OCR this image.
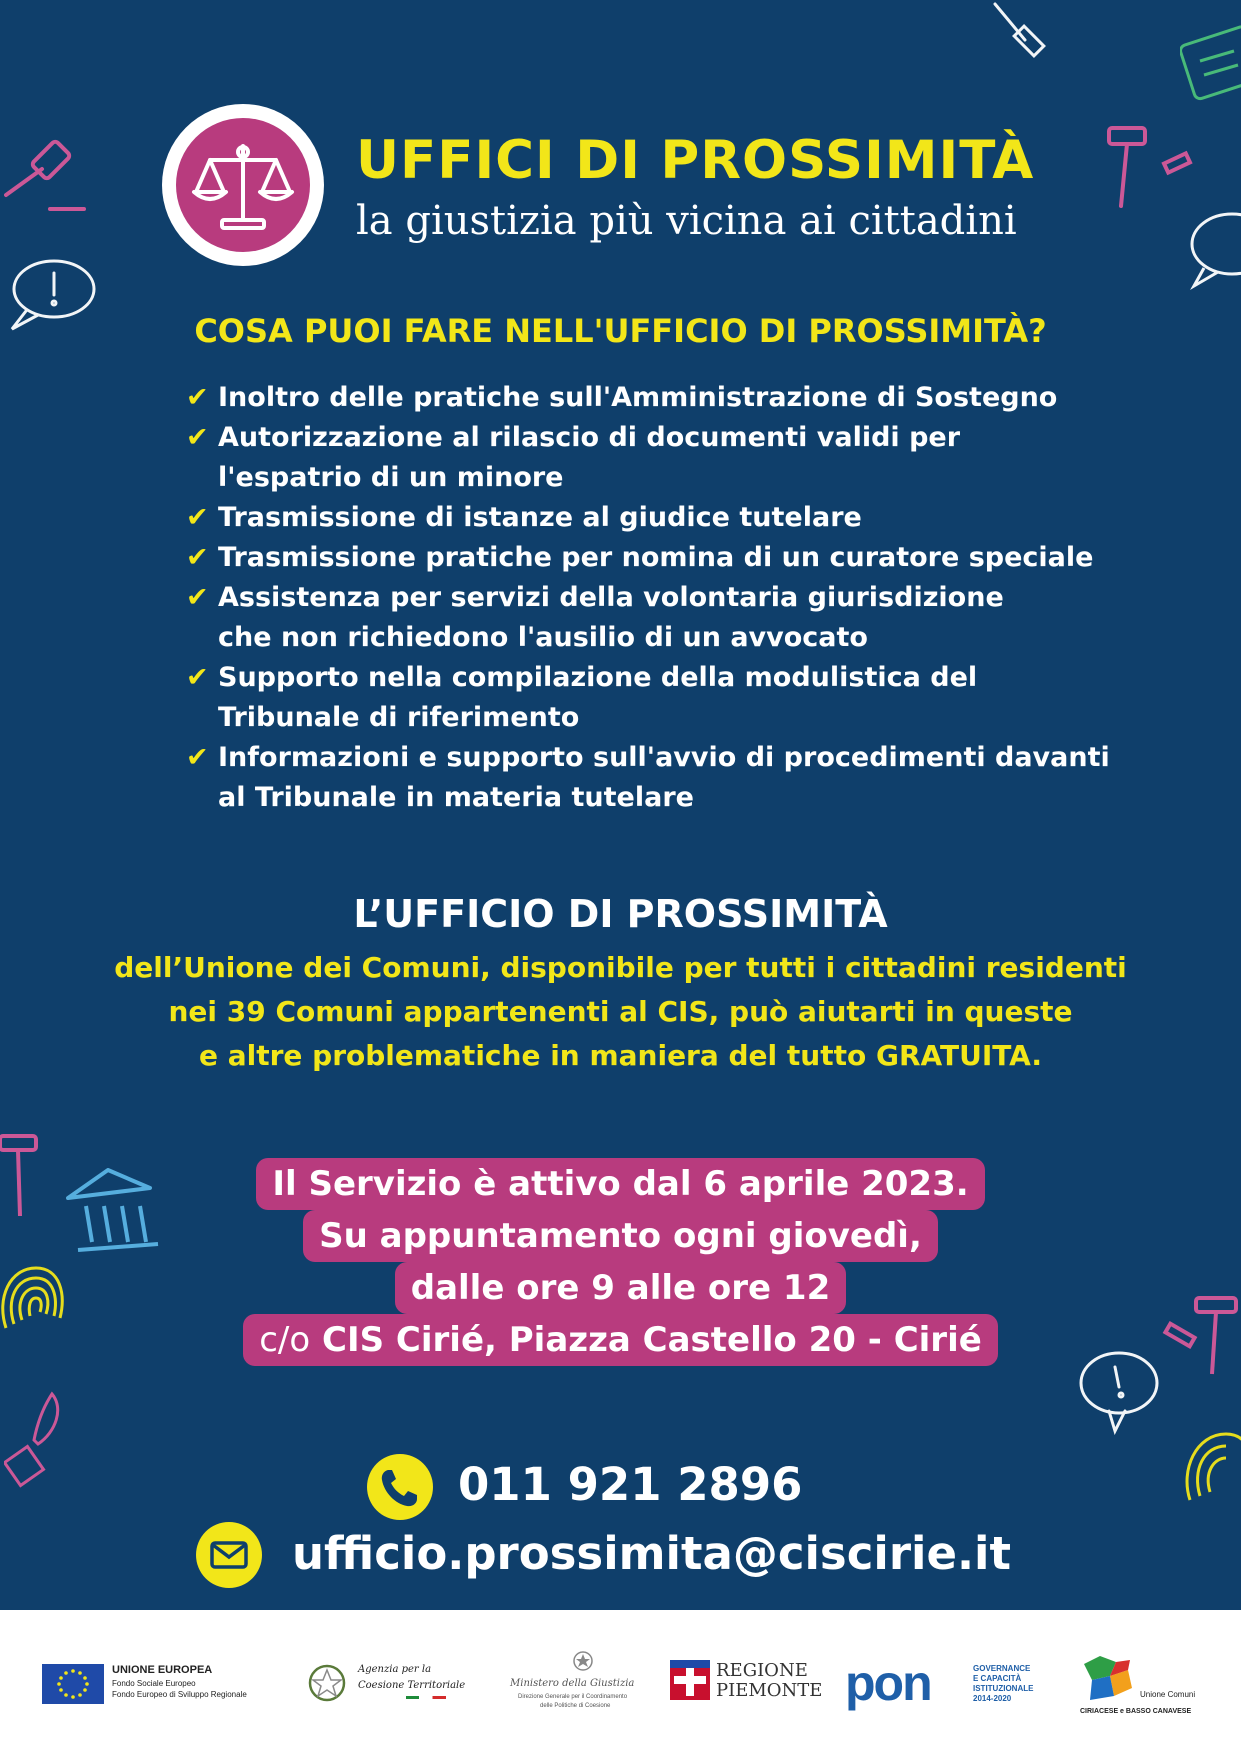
UFFICI DI PROSSIMITÀ
la giustizia più vicina ai cittadini
COSA PUOI FARE NELL'UFFICIO DI PROSSIMITÀ?
✔ Inoltro delle pratiche sull'Amministrazione di Sostegno
✔ Autorizzazione al rilascio di documenti validi per
l'espatrio di un minore
✔ Trasmissione di istanze al giudice tutelare
✔ Trasmissione pratiche per nomina di un curatore speciale
✔ Assistenza per servizi della volontaria giurisdizione
che non richiedono l'ausilio di un avvocato
✔ Supporto nella compilazione della modulistica del
Tribunale di riferimento
✔ Informazioni e supporto sull'avvio di procedimenti davanti
al Tribunale in materia tutelare
L’UFFICIO DI PROSSIMITÀ
dell’Unione dei Comuni, disponibile per tutti i cittadini residenti
nei 39 Comuni appartenenti al CIS, può aiutarti in queste
e altre problematiche in maniera del tutto GRATUITA.
Il Servizio è attivo dal 6 aprile 2023.
Su appuntamento ogni giovedì,
dalle ore 9 alle ore 12
c/o CIS Cirié, Piazza Castello 20 - Cirié
011 921 2896
ufficio.prossimita@ciscirie.it
UNIONE EUROPEA
Fondo Sociale Europeo
Fondo Europeo di Sviluppo Regionale
Agenzia per la
Coesione Territoriale	Ministero della Giustizia
Direzione Generale per il Coordinamento
delle Politiche di Coesione
REGIONE
PIEMONTE pon	GOVERNANCE
E CAPACITÀ
ISTITUZIONALE
2014-2020	Unione Comuni
CIRIACESE e BASSO CANAVESE
